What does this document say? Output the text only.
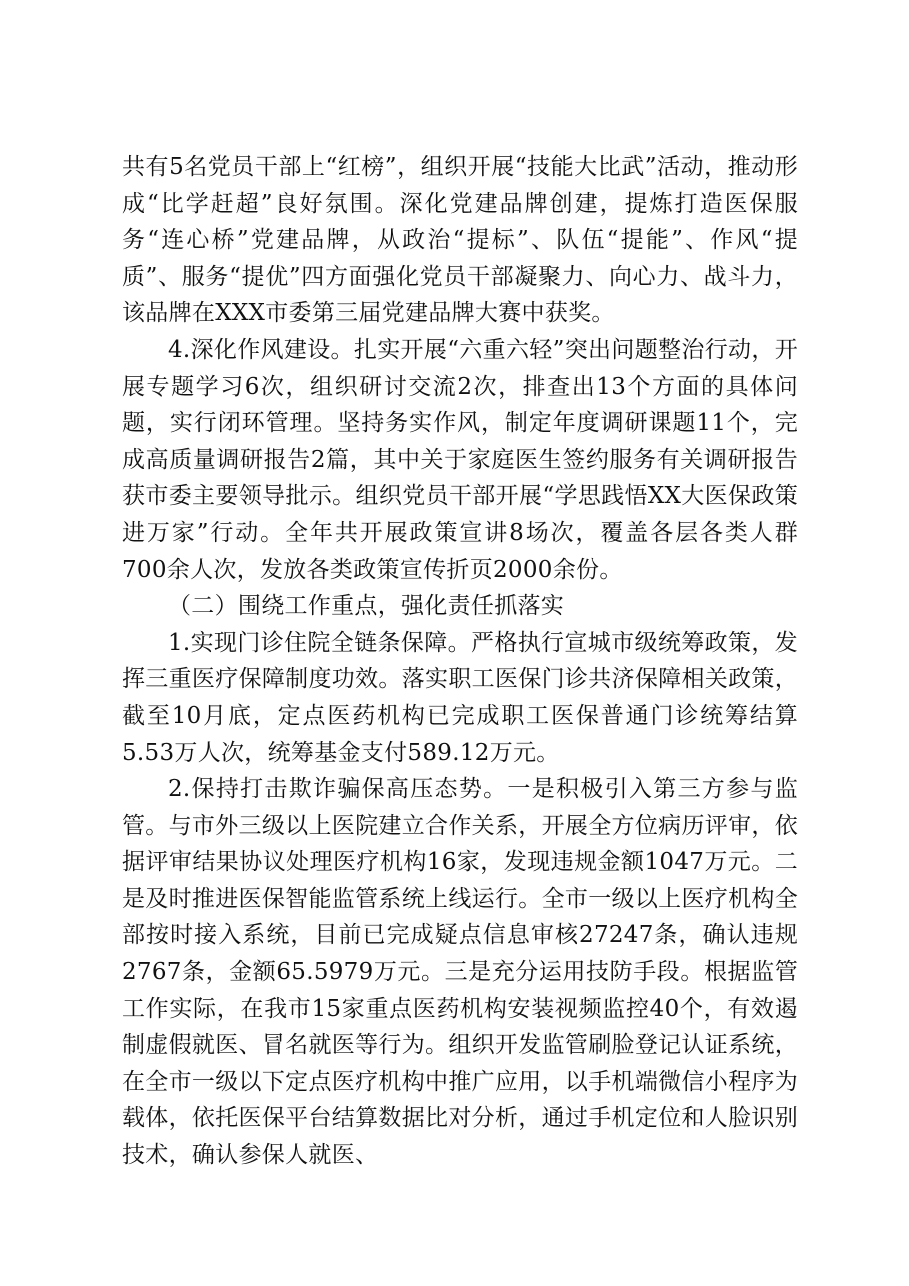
共有5名党员干部上“红榜”，组织开展“技能大比武”活动，推动形成“比学赶超”良好氛围。深化党建品牌创建，提炼打造医保服务“连心桥”党建品牌，从政治“提标”、队伍“提能”、作风“提质”、服务“提优”四方面强化党员干部凝聚力、向心力、战斗力，该品牌在XXX市委第三届党建品牌大赛中获奖。

4.深化作风建设。扎实开展“六重六轻”突出问题整治行动，开展专题学习6次，组织研讨交流2次，排查出13个方面的具体问题，实行闭环管理。坚持务实作风，制定年度调研课题11个，完成高质量调研报告2篇，其中关于家庭医生签约服务有关调研报告获市委主要领导批示。组织党员干部开展“学思践悟XX大医保政策进万家”行动。全年共开展政策宣讲8场次，覆盖各层各类人群700余人次，发放各类政策宣传折页2000余份。

（二）围绕工作重点，强化责任抓落实

1.实现门诊住院全链条保障。严格执行宣城市级统筹政策，发挥三重医疗保障制度功效。落实职工医保门诊共济保障相关政策，截至10月底，定点医药机构已完成职工医保普通门诊统筹结算5.53万人次，统筹基金支付589.12万元。

2.保持打击欺诈骗保高压态势。一是积极引入第三方参与监管。与市外三级以上医院建立合作关系，开展全方位病历评审，依据评审结果协议处理医疗机构16家，发现违规金额1047万元。二是及时推进医保智能监管系统上线运行。全市一级以上医疗机构全部按时接入系统，目前已完成疑点信息审核27247条，确认违规2767条，金额65.5979万元。三是充分运用技防手段。根据监管工作实际，在我市15家重点医药机构安装视频监控40个，有效遏制虚假就医、冒名就医等行为。组织开发监管刷脸登记认证系统，在全市一级以下定点医疗机构中推广应用，以手机端微信小程序为载体，依托医保平台结算数据比对分析，通过手机定位和人脸识别技术，确认参保人就医、
